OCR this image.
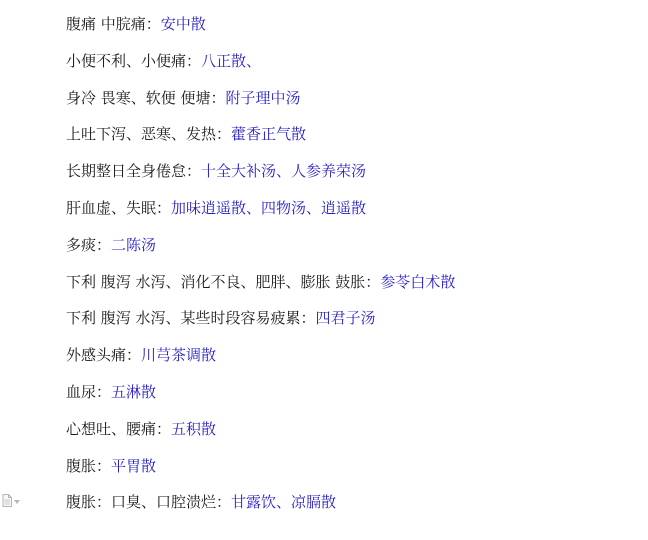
腹痛 中脘痛：安中散
小便不利、小便痛：八正散、
身冷 畏寒、软便 便塘：附子理中汤
上吐下泻、恶寒、发热：藿香正气散
长期整日全身倦怠：十全大补汤、人参养荣汤
肝血虚、失眠：加味逍遥散、四物汤、逍遥散
多痰：二陈汤
下利 腹泻 水泻、消化不良、肥胖、膨胀 鼓胀：参苓白术散
下利 腹泻 水泻、某些时段容易疲累：四君子汤
外感头痛：川芎茶调散
血尿：五淋散
心想吐、腰痛：五积散
腹胀：平胃散
腹胀：口臭、口腔溃烂：甘露饮、凉膈散
